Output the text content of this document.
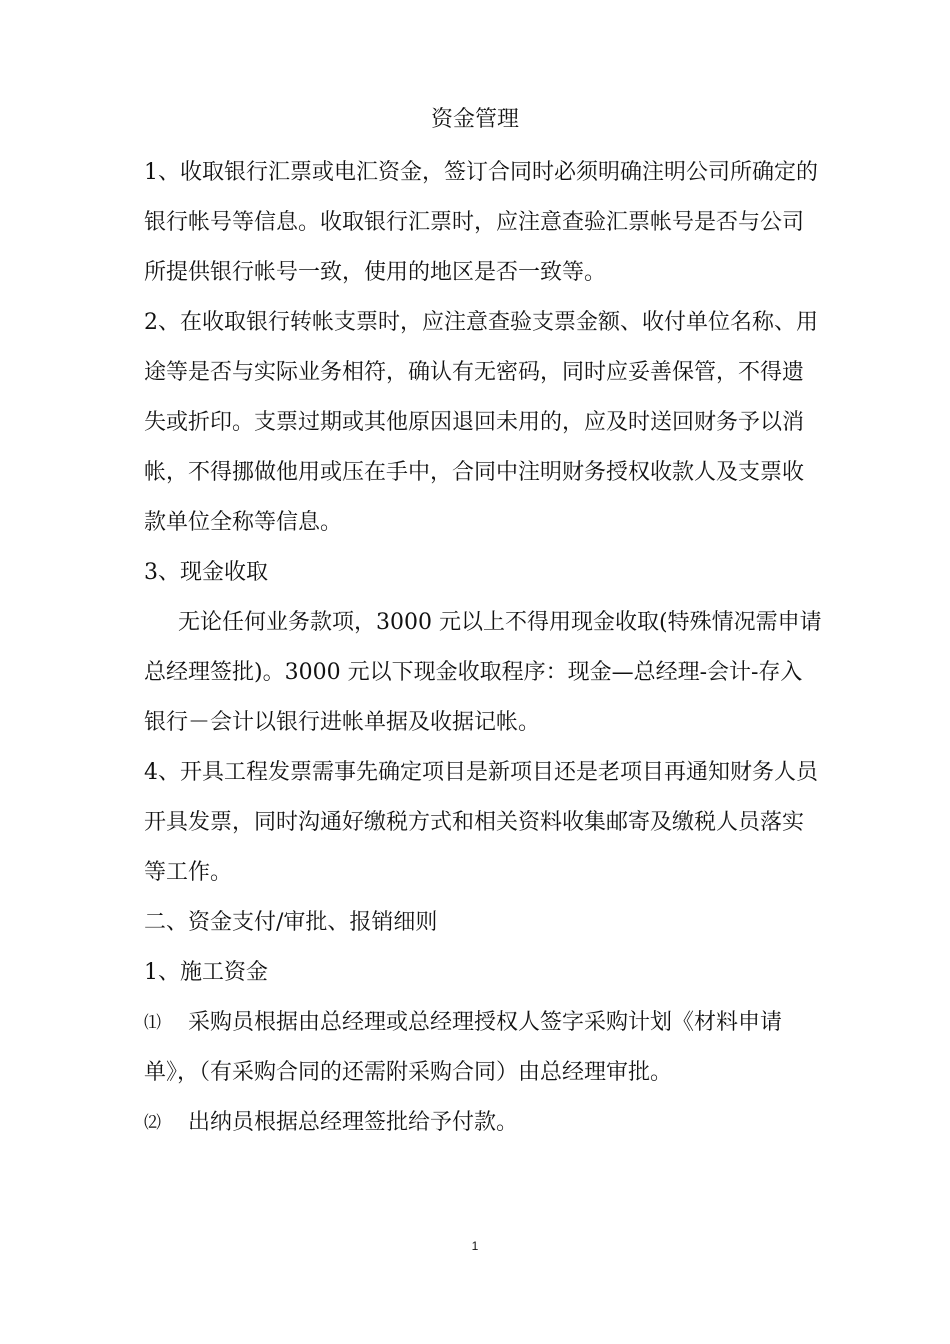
资金管理

1、收取银行汇票或电汇资金，签订合同时必须明确注明公司所确定的银行帐号等信息。收取银行汇票时，应注意查验汇票帐号是否与公司所提供银行帐号一致，使用的地区是否一致等。

2、在收取银行转帐支票时，应注意查验支票金额、收付单位名称、用途等是否与实际业务相符，确认有无密码，同时应妥善保管，不得遗失或折印。支票过期或其他原因退回未用的，应及时送回财务予以消帐，不得挪做他用或压在手中，合同中注明财务授权收款人及支票收款单位全称等信息。

3、现金收取

无论任何业务款项，3000 元以上不得用现金收取(特殊情况需申请总经理签批)。3000 元以下现金收取程序：现金—总经理-会计-存入银行－会计以银行进帐单据及收据记帐。

4、开具工程发票需事先确定项目是新项目还是老项目再通知财务人员开具发票，同时沟通好缴税方式和相关资料收集邮寄及缴税人员落实等工作。

二、资金支付/审批、报销细则

1、施工资金

⑴	采购员根据由总经理或总经理授权人签字采购计划《材料申请

单》，（有采购合同的还需附采购合同）由总经理审批。

⑵	出纳员根据总经理签批给予付款。
1
